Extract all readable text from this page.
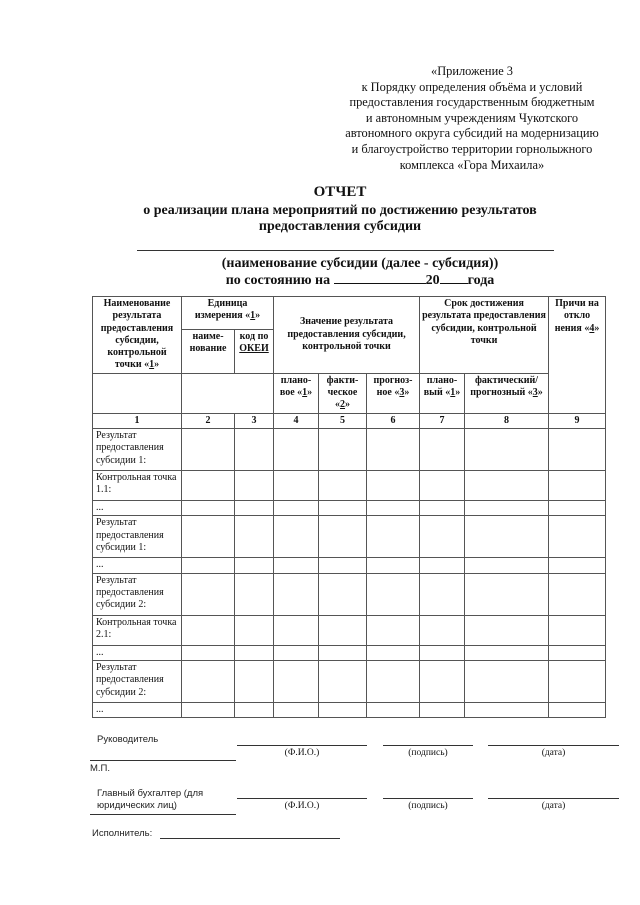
«Приложение 3
к Порядку определения объёма и условий
предоставления государственным бюджетным
и автономным учреждениям Чукотского
автономного округа субсидий на модернизацию
и благоустройство территории горнолыжного
комплекса «Гора Михаила»
ОТЧЕТ
о реализации плана мероприятий по достижению результатов
предоставления субсидии
(наименование субсидии (далее - субсидия))
по состоянию на	20 года
Наименование результата предоставления субсидии, контрольной точки «1»	Единица измерения «1»		Значение результата предоставления субсидии, контрольной точки			Срок достижения результата предоставления субсидии, контрольной точки		Причи на откло нения «4»
	наиме-нование	код по ОКЕИ						
			плано-вое «1»	факти-ческое «2»	прогноз-ное «3»	плано-вый «1»	фактический/ прогнозный «3»	
1	2	3	4	5	6	7	8	9
Результат предоставления субсидии 1:								
Контрольная точка 1.1:								
...								
Результат предоставления субсидии 1:								
...								
Результат предоставления субсидии 2:								
Контрольная точка 2.1:								
...								
Результат предоставления субсидии 2:								
...								
Руководитель
(Ф.И.О.)	(подпись)	(дата)
М.П.
Главный бухгалтер (для
юридических лиц)	(Ф.И.О.)	(подпись)	(дата)
Исполнитель:
